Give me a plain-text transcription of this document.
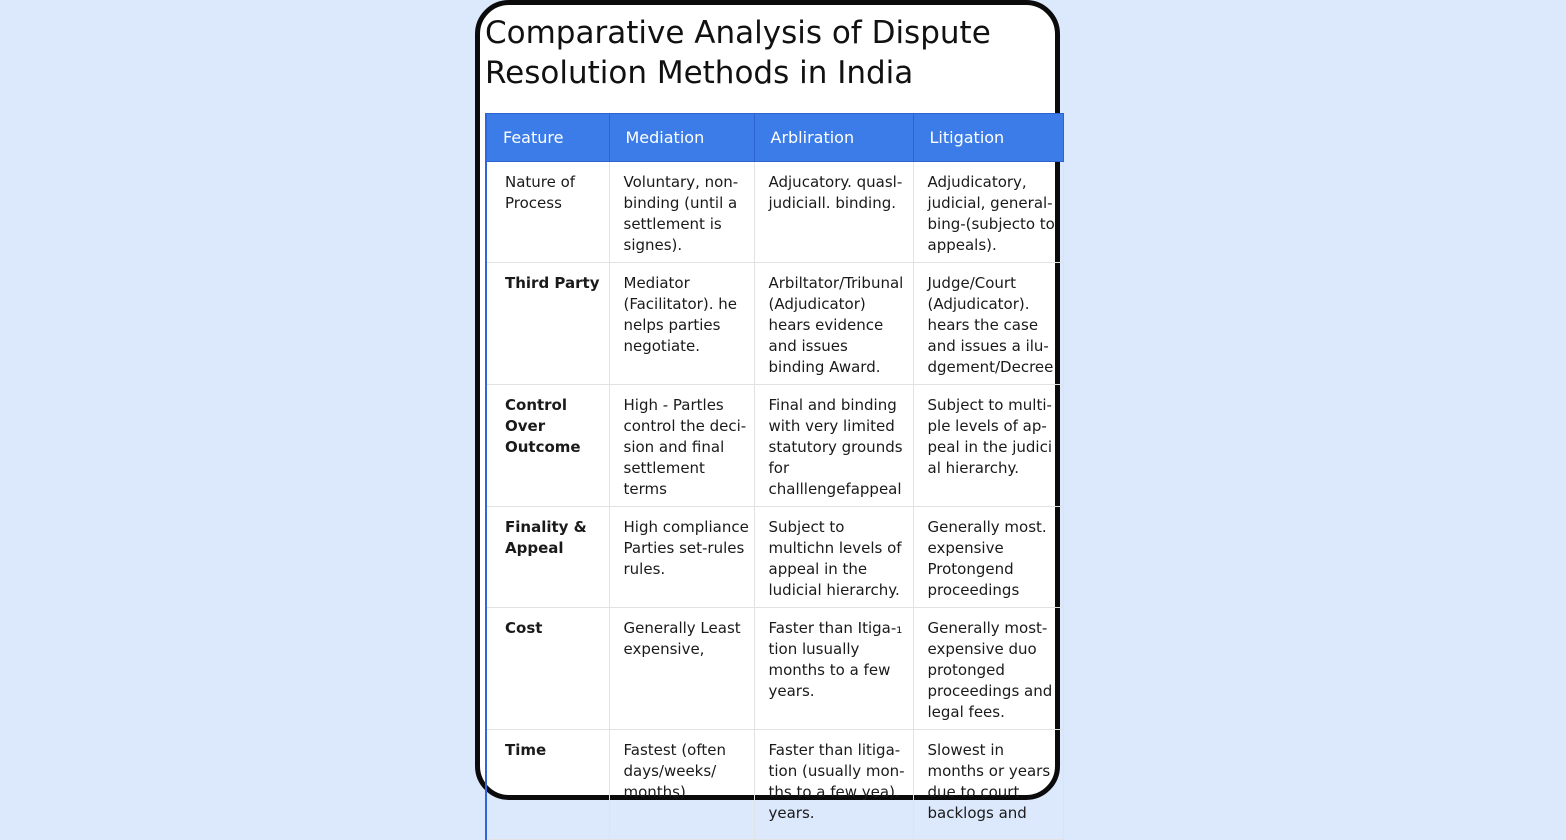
Comparative Analysis of Dispute Resolution Methods in India
Feature	Mediation	Arbliration	Litigation
Nature of Process	Voluntary, non-binding (until a settlement is signes).	Adjucatory. quasl-judiciall. binding.	Adjudicatory, judicial, general-bing-(subjecto to appeals).
Third Party	Mediator (Facilitator). he nelps parties negotiate.	Arbiltator/Tribunal (Adjudicator) hears evidence and issues binding Award.	Judge/Court (Adjudicator). hears the case and issues a ilu-dgement/Decree
Control Over Outcome	High - Partles control the deci-sion and final settlement terms	Final and binding with very limited statutory grounds for challlengefappeal	Subject to multi-ple levels of ap-peal in the judici al hierarchy.
Finality & Appeal	High compliance Parties set-rules rules.	Subject to multichn levels of appeal in the ludicial hierarchy.	Generally most. expensive Protongend proceedings
Cost	Generally Least expensive,	Faster than Itiga-₁ tion lusually months to a few years.	Generally most-expensive duo protonged proceedings and legal fees.
Time	Fastest (often days/weeks/ months)	Faster than litiga-tion (usually mon-ths to a few yea). years.	Slowest in months or years due to court backlogs and
